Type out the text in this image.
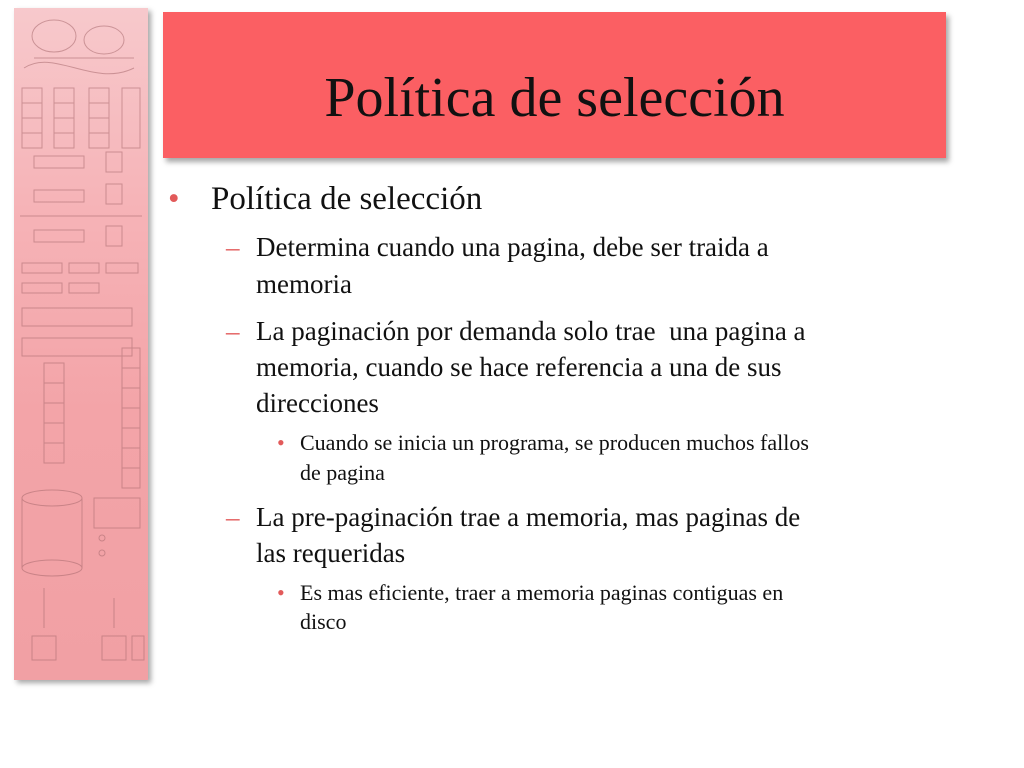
Política de selección
• Política de selección
– Determina cuando una pagina, debe ser traida a
memoria
– La paginación por demanda solo trae  una pagina a
memoria, cuando se hace referencia a una de sus
direcciones
• Cuando se inicia un programa, se producen muchos fallos
de pagina
– La pre-paginación trae a memoria, mas paginas de
las requeridas
• Es mas eficiente, traer a memoria paginas contiguas en
disco
